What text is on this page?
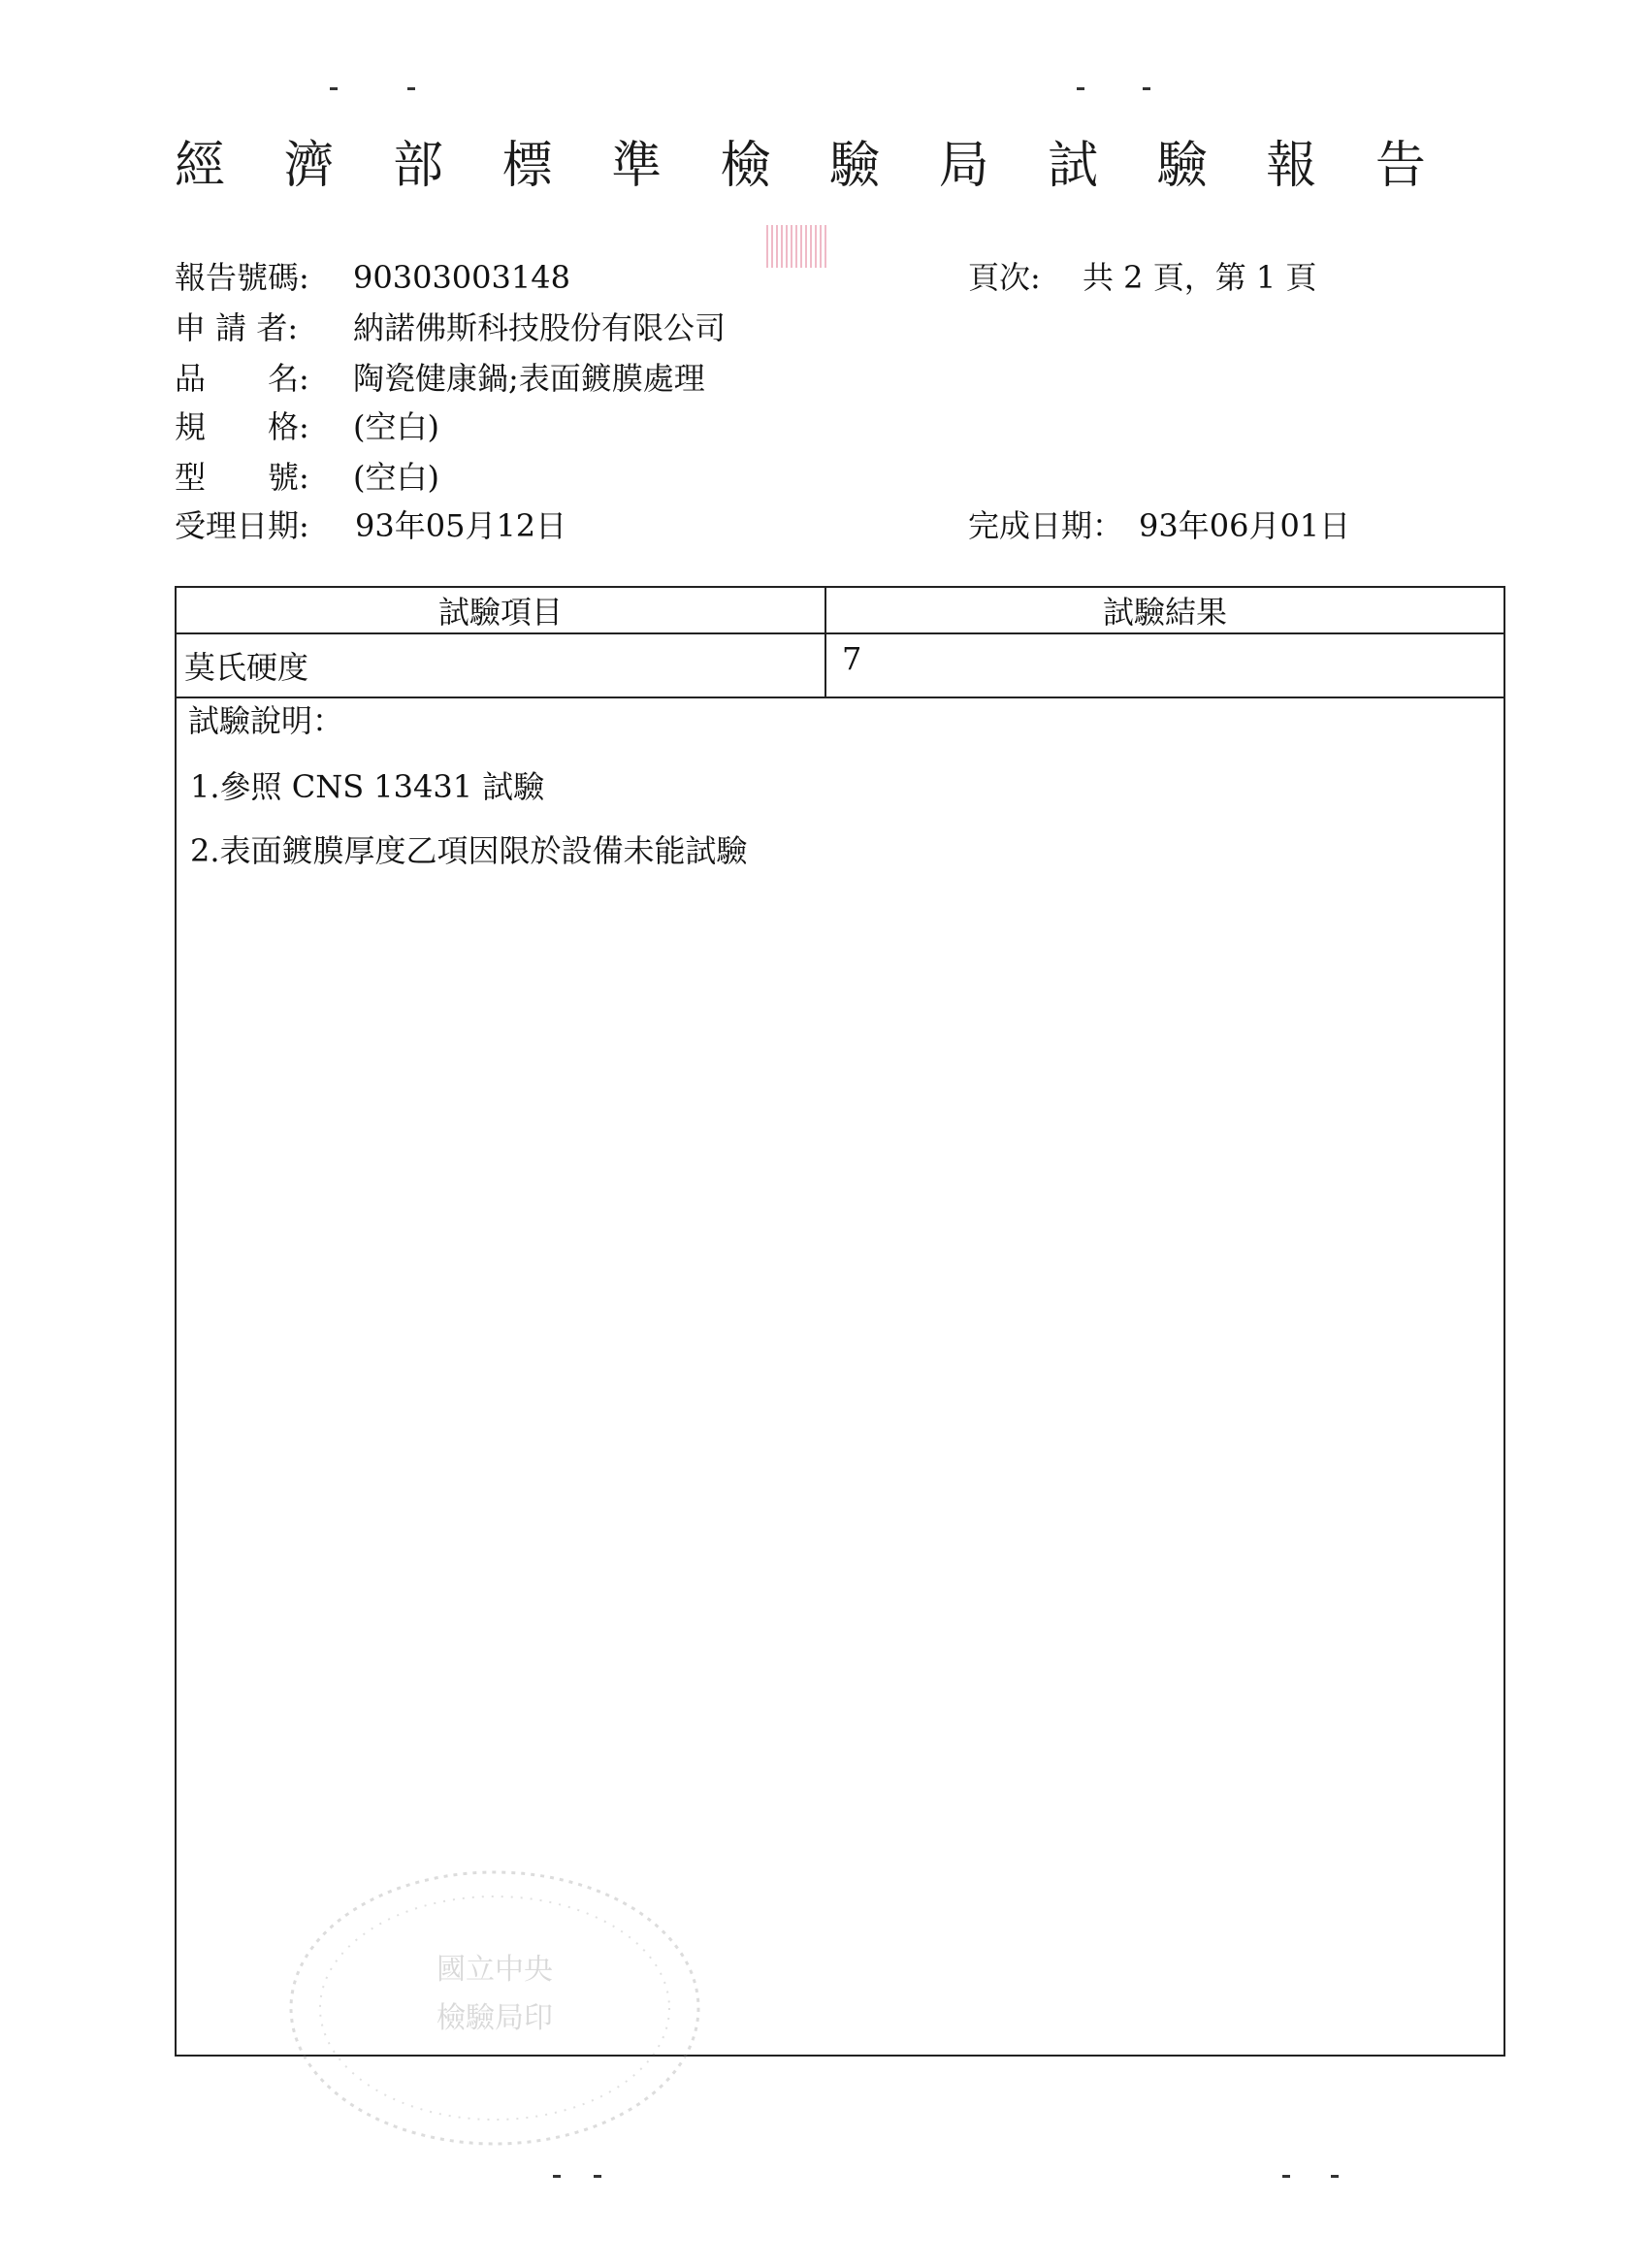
經 濟 部 標 準 檢 驗 局 試 驗 報 告
報告號碼: 90303003148	頁次: 共 2 頁，第 1 頁
申 請 者: 納諾佛斯科技股份有限公司
品　　名: 陶瓷健康鍋;表面鍍膜處理
規　　格: (空白)
型　　號: (空白)
受理日期: 93年05月12日	完成日期： 93年06月01日
試驗項目	試驗結果
莫氏硬度	7
試驗說明：
1.參照 CNS 13431 試驗
2.表面鍍膜厚度乙項因限於設備未能試驗
國立中央
檢驗局印
